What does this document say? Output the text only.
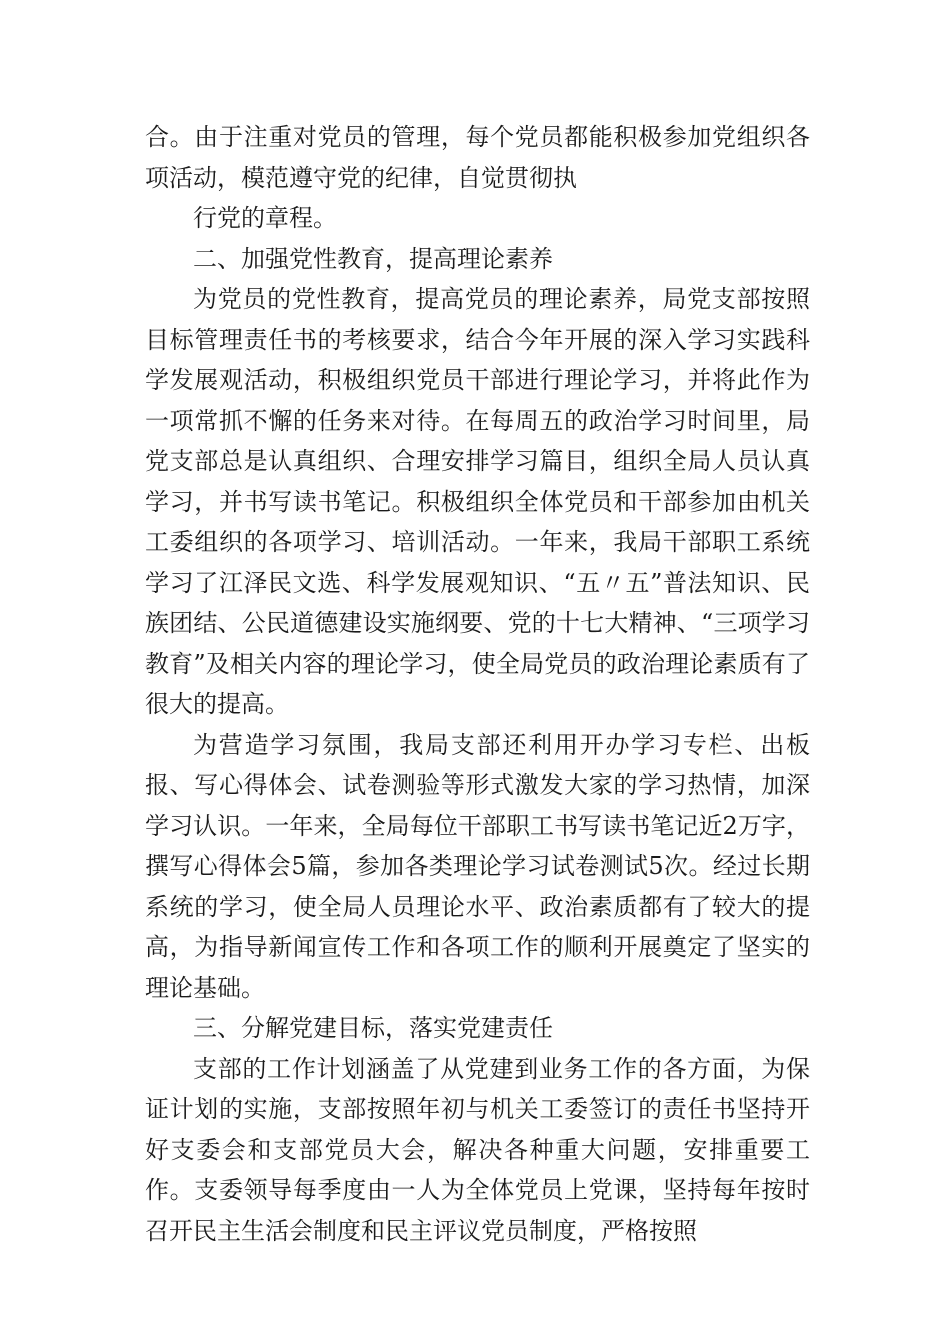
合。由于注重对党员的管理，每个党员都能积极参加党组织各项活动，模范遵守党的纪律，自觉贯彻执

行党的章程。

二、加强党性教育，提高理论素养

为党员的党性教育，提高党员的理论素养，局党支部按照目标管理责任书的考核要求，结合今年开展的深入学习实践科学发展观活动，积极组织党员干部进行理论学习，并将此作为一项常抓不懈的任务来对待。在每周五的政治学习时间里，局党支部总是认真组织、合理安排学习篇目，组织全局人员认真学习，并书写读书笔记。积极组织全体党员和干部参加由机关工委组织的各项学习、培训活动。一年来，我局干部职工系统学习了江泽民文选、科学发展观知识、“五〃五”普法知识、民族团结、公民道德建设实施纲要、党的十七大精神、“三项学习教育”及相关内容的理论学习，使全局党员的政治理论素质有了很大的提高。

为营造学习氛围，我局支部还利用开办学习专栏、出板报、写心得体会、试卷测验等形式激发大家的学习热情，加深学习认识。一年来，全局每位干部职工书写读书笔记近2万字，撰写心得体会5篇，参加各类理论学习试卷测试5次。经过长期系统的学习，使全局人员理论水平、政治素质都有了较大的提高，为指导新闻宣传工作和各项工作的顺利开展奠定了坚实的理论基础。

三、分解党建目标，落实党建责任

支部的工作计划涵盖了从党建到业务工作的各方面，为保证计划的实施，支部按照年初与机关工委签订的责任书坚持开好支委会和支部党员大会，解决各种重大问题，安排重要工作。支委领导每季度由一人为全体党员上党课，坚持每年按时召开民主生活会制度和民主评议党员制度，严格按照
